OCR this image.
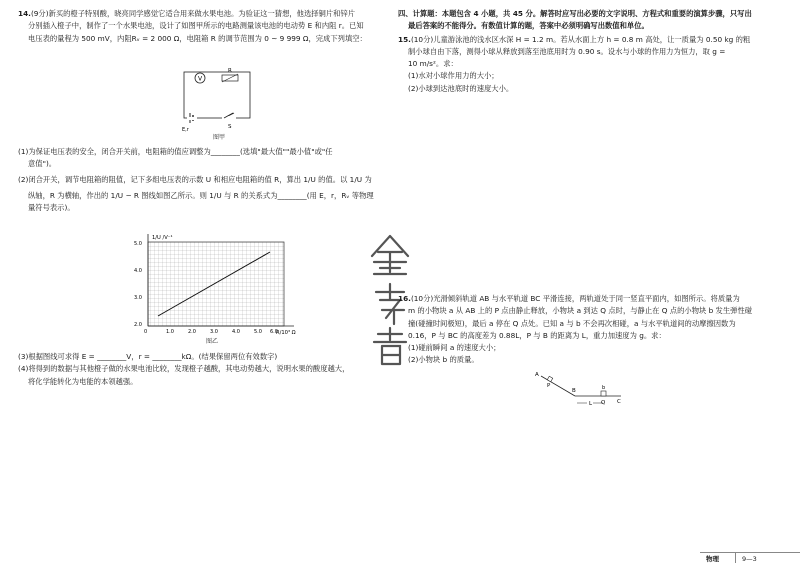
14.(9分)新买的橙子特别酸，晓亮同学感觉它适合用来做水果电池。为验证这一猜想，他选择铜片和锌片

分别插入橙子中，制作了一个水果电池，设计了如图甲所示的电路测量该电池的电动势 E 和内阻 r。已知

电压表的量程为 500 mV，内阻Rᵥ = 2 000 Ω，电阻箱 R 的调节范围为 0 ~ 9 999 Ω，完成下列填空：

V
R
E,r	S
图甲

(1)为保证电压表的安全，闭合开关前，电阻箱的值应调整为________(选填"最大值""最小值"或"任

意值")。

(2)闭合开关，调节电阻箱的阻值，记下多组电压表的示数 U 和相应电阻箱的值 R，算出 1/U 的值。以 1/U 为

纵轴，R 为横轴，作出的 1/U − R 图线如图乙所示。则 1/U 与 R 的关系式为________(用 E，r，Rᵥ 等物理

量符号表示)。

1/U /V⁻¹
R/10³ Ω
5.0
4.0
3.0
2.0
0	1.0	2.0	3.0	4.0	5.0 6.0
图乙

(3)根据图线可求得 E = ________V，r = ________kΩ。(结果保留两位有效数字)

(4)将得到的数据与其他橙子做的水果电池比较，发现橙子越酸，其电动势越大，说明水果的酸度越大，

将化学能转化为电能的本领越强。

四、计算题：本题包含 4 小题，共 45 分。解答时应写出必要的文字说明、方程式和重要的演算步骤，只写出

最后答案的不能得分。有数值计算的题，答案中必须明确写出数值和单位。

15.(10分)儿童游泳池的浅水区水深 H = 1.2 m。若从水面上方 h = 0.8 m 高处，让一质量为 0.50 kg 的粗

制小球自由下落，测得小球从释放到落至池底用时为 0.90 s。设水与小球的作用力为恒力，取 g =

10 m/s²。求：

(1)水对小球作用力的大小；

(2)小球到达池底时的速度大小。

16.(10分)光滑倾斜轨道 AB 与水平轨道 BC 平滑连接，两轨道处于同一竖直平面内，如图所示。将质量为

m 的小物块 a 从 AB 上的 P 点由静止释放，小物块 a 到达 Q 点时，与静止在 Q 点的小物块 b 发生弹性碰

撞(碰撞时间极短)，最后 a 停在 Q 点处。已知 a 与 b 不会再次相碰，a 与水平轨道间的动摩擦因数为

0.16，P 与 BC 的高度差为 0.88L，P 与 B 的距离为 L，重力加速度为 g。求：

(1)碰前瞬间 a 的速度大小；

(2)小物块 b 的质量。

A
P
B
L Q C
b
物理	9—3
